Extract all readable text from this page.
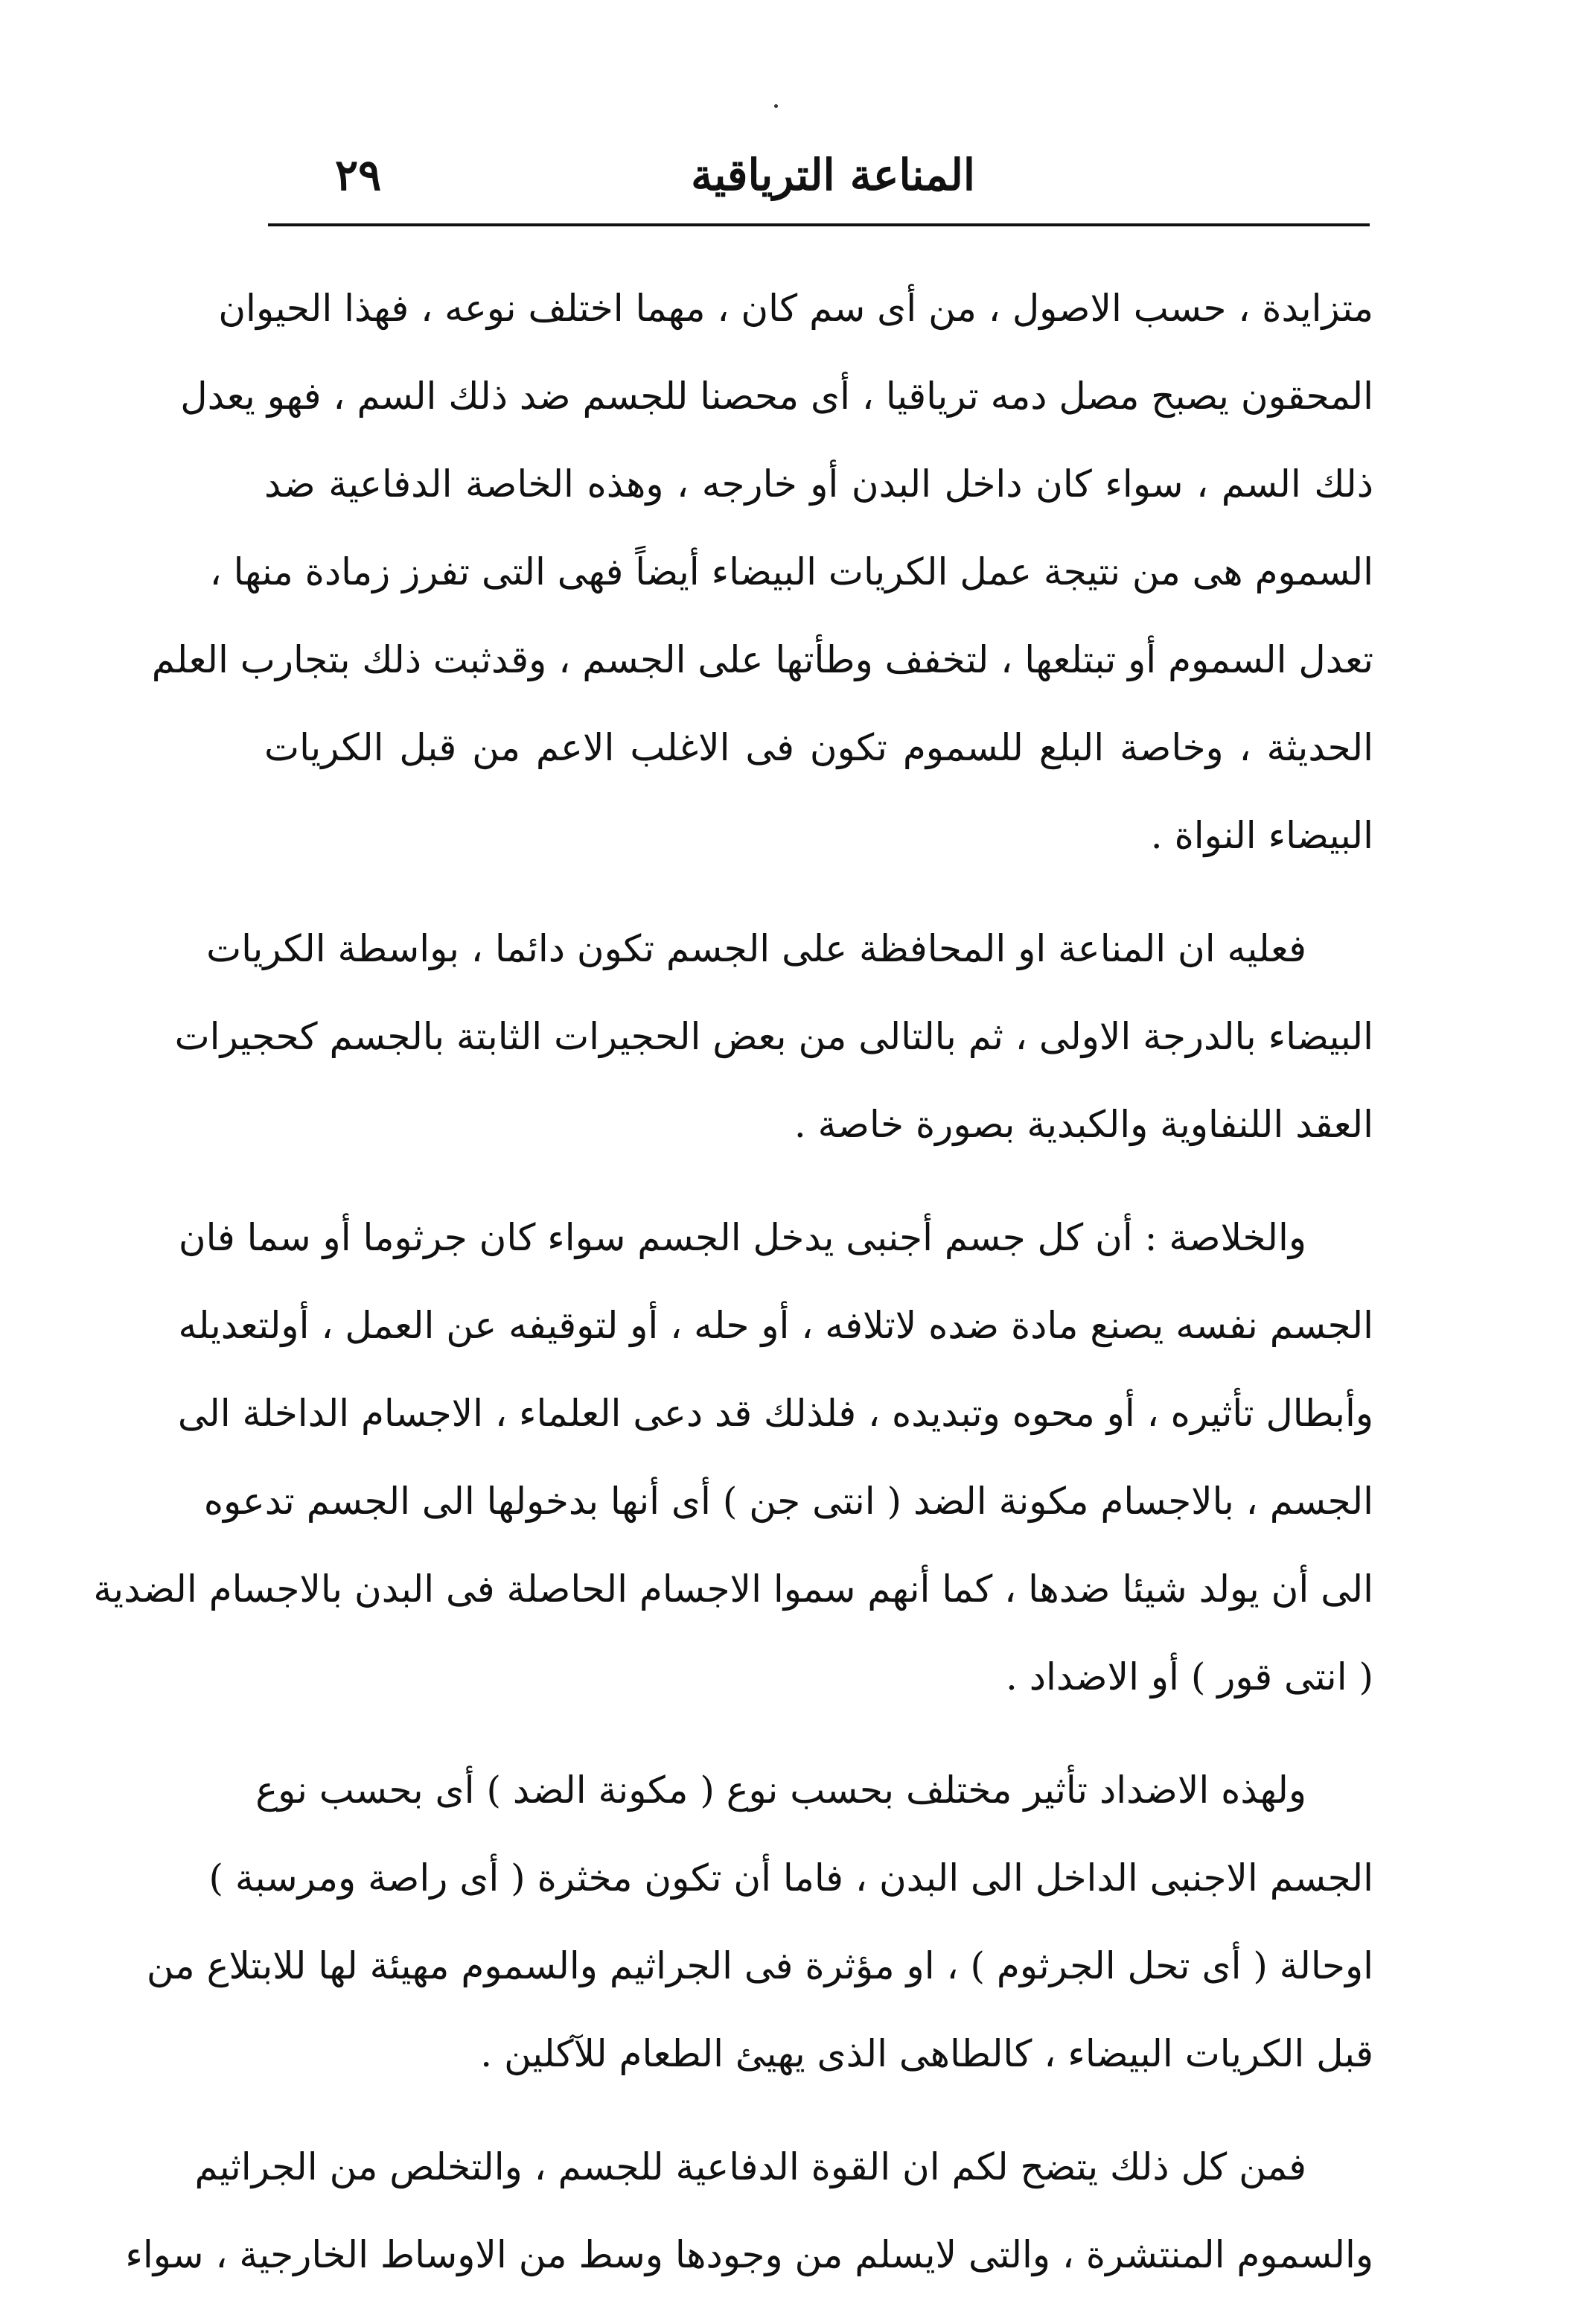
المناعة الترياقية
٢٩
متزايدة ، حسب الاصول ، من أى سم كان ، مهما اختلف نوعه ، فهذا الحيوان
المحقون يصبح مصل دمه ترياقيا ، أى محصنا للجسم ضد ذلك السم ، فهو يعدل
ذلك السم ، سواء كان داخل البدن أو خارجه ، وهذه الخاصة الدفاعية ضد
السموم هى من نتيجة عمل الكريات البيضاء أيضاً فهى التى تفرز زمادة منها ،
تعدل السموم أو تبتلعها ، لتخفف وطأتها على الجسم ، وقدثبت ذلك بتجارب العلم
الحديثة ، وخاصة البلع للسموم تكون فى الاغلب الاعم من قبل الكريات
البيضاء النواة .
فعليه ان المناعة او المحافظة على الجسم تكون دائما ، بواسطة الكريات
البيضاء بالدرجة الاولى ، ثم بالتالى من بعض الحجيرات الثابتة بالجسم كحجيرات
العقد اللنفاوية والكبدية بصورة خاصة .
والخلاصة : أن كل جسم أجنبى يدخل الجسم سواء كان جرثوما أو سما فان
الجسم نفسه يصنع مادة ضده لاتلافه ، أو حله ، أو لتوقيفه عن العمل ، أولتعديله
وأبطال تأثيره ، أو محوه وتبديده ، فلذلك قد دعى العلماء ، الاجسام الداخلة الى
الجسم ، بالاجسام مكونة الضد ( انتى جن ) أى أنها بدخولها الى الجسم تدعوه
الى أن يولد شيئا ضدها ، كما أنهم سموا الاجسام الحاصلة فى البدن بالاجسام الضدية
( انتى قور ) أو الاضداد .
ولهذه الاضداد تأثير مختلف بحسب نوع ( مكونة الضد ) أى بحسب نوع
الجسم الاجنبى الداخل الى البدن ، فاما أن تكون مخثرة ( أى راصة ومرسبة )
اوحالة ( أى تحل الجرثوم ) ، او مؤثرة فى الجراثيم والسموم مهيئة لها للابتلاع من
قبل الكريات البيضاء ، كالطاهى الذى يهيئ الطعام للآكلين .
فمن كل ذلك يتضح لكم ان القوة الدفاعية للجسم ، والتخلص من الجراثيم
والسموم المنتشرة ، والتى لايسلم من وجودها وسط من الاوساط الخارجية ، سواء
